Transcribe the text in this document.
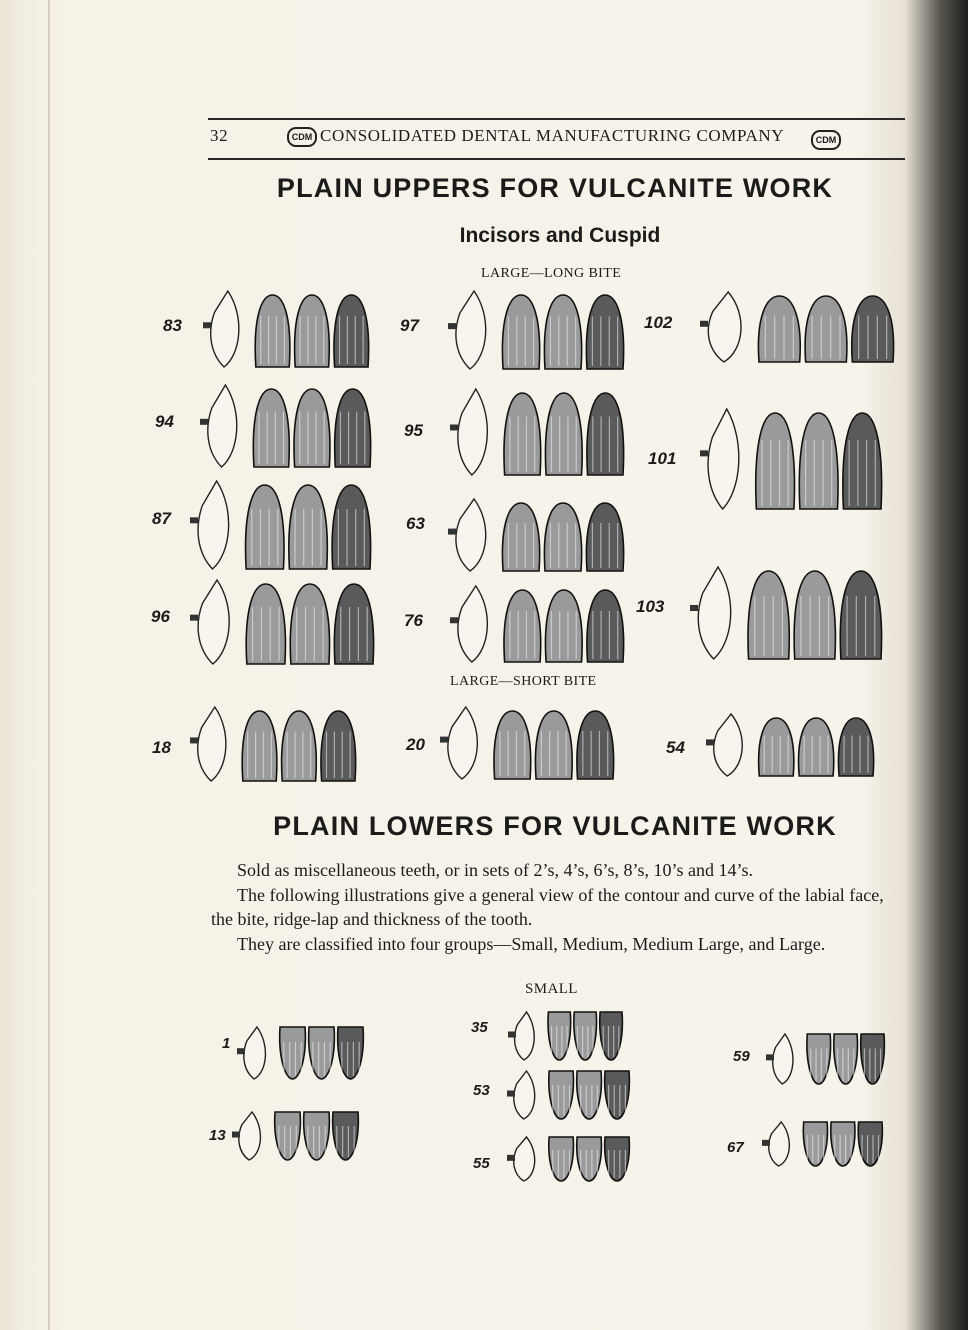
32	CDM CONSOLIDATED DENTAL MANUFACTURING COMPANY	CDM
PLAIN UPPERS FOR VULCANITE WORK
Incisors and Cuspid
LARGE—LONG BITE
83
94
87
96
97
95
63
76
102
101
103
LARGE—SHORT BITE
18	20	54
PLAIN LOWERS FOR VULCANITE WORK

Sold as miscellaneous teeth, or in sets of 2’s, 4’s, 6’s, 8’s, 10’s and 14’s.

The following illustrations give a general view of the contour and curve of the labial face, the bite, ridge-lap and thickness of the tooth.

They are classified into four groups—Small, Medium, Medium Large, and Large.

SMALL
1
13
35
53
55
59
67
